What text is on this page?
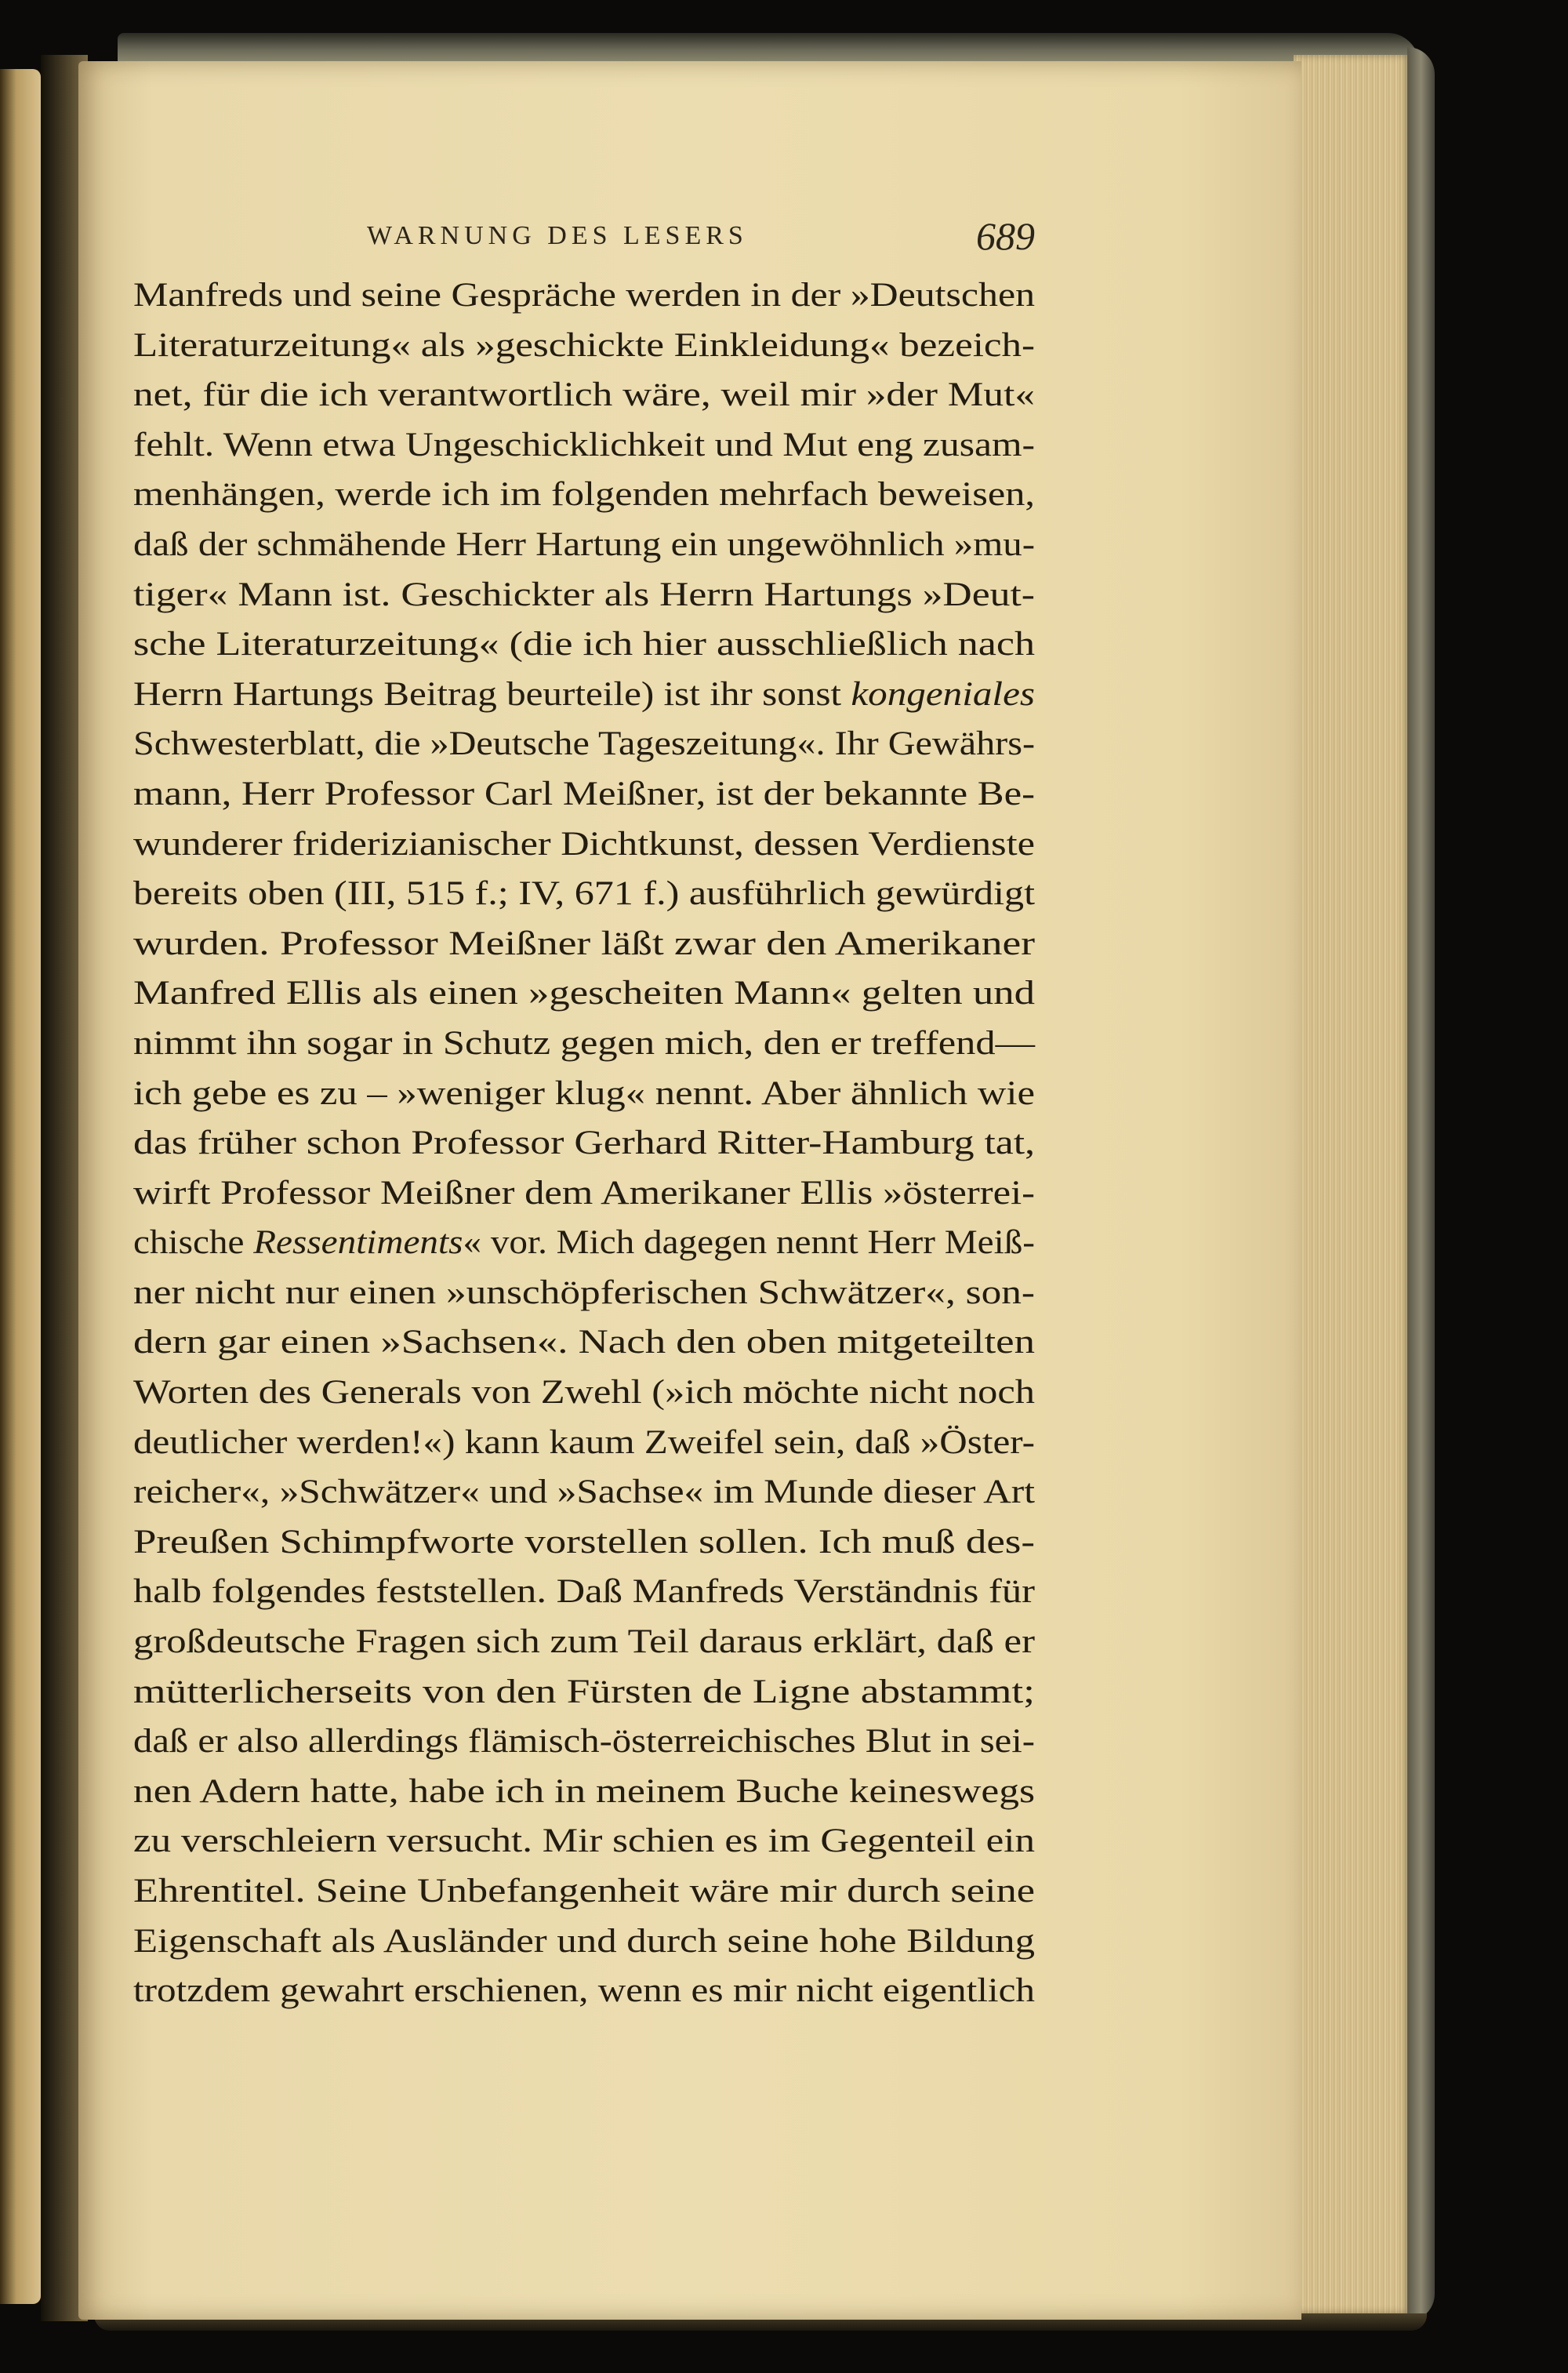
WARNUNG DES LESERS	689
Manfreds und seine Gespräche werden in der »Deutschen
Literaturzeitung« als »geschickte Einkleidung« bezeich-
net, für die ich verantwortlich wäre, weil mir »der Mut«
fehlt. Wenn etwa Ungeschicklichkeit und Mut eng zusam-
menhängen, werde ich im folgenden mehrfach beweisen,
daß der schmähende Herr Hartung ein ungewöhnlich »mu-
tiger« Mann ist. Geschickter als Herrn Hartungs »Deut-
sche Literaturzeitung« (die ich hier ausschließlich nach
Herrn Hartungs Beitrag beurteile) ist ihr sonst kongeniales
Schwesterblatt, die »Deutsche Tageszeitung«. Ihr Gewährs-
mann, Herr Professor Carl Meißner, ist der bekannte Be-
wunderer friderizianischer Dichtkunst, dessen Verdienste
bereits oben (III, 515 f.; IV, 671 f.) ausführlich gewürdigt
wurden. Professor Meißner läßt zwar den Amerikaner
Manfred Ellis als einen »gescheiten Mann« gelten und
nimmt ihn sogar in Schutz gegen mich, den er treffend—
ich gebe es zu – »weniger klug« nennt. Aber ähnlich wie
das früher schon Professor Gerhard Ritter-Hamburg tat,
wirft Professor Meißner dem Amerikaner Ellis »österrei-
chische Ressentiments« vor. Mich dagegen nennt Herr Meiß-
ner nicht nur einen »unschöpferischen Schwätzer«, son-
dern gar einen »Sachsen«. Nach den oben mitgeteilten
Worten des Generals von Zwehl (»ich möchte nicht noch
deutlicher werden!«) kann kaum Zweifel sein, daß »Öster-
reicher«, »Schwätzer« und »Sachse« im Munde dieser Art
Preußen Schimpfworte vorstellen sollen. Ich muß des-
halb folgendes feststellen. Daß Manfreds Verständnis für
großdeutsche Fragen sich zum Teil daraus erklärt, daß er
mütterlicherseits von den Fürsten de Ligne abstammt;
daß er also allerdings flämisch-österreichisches Blut in sei-
nen Adern hatte, habe ich in meinem Buche keineswegs
zu verschleiern versucht. Mir schien es im Gegenteil ein
Ehrentitel. Seine Unbefangenheit wäre mir durch seine
Eigenschaft als Ausländer und durch seine hohe Bildung
trotzdem gewahrt erschienen, wenn es mir nicht eigentlich
